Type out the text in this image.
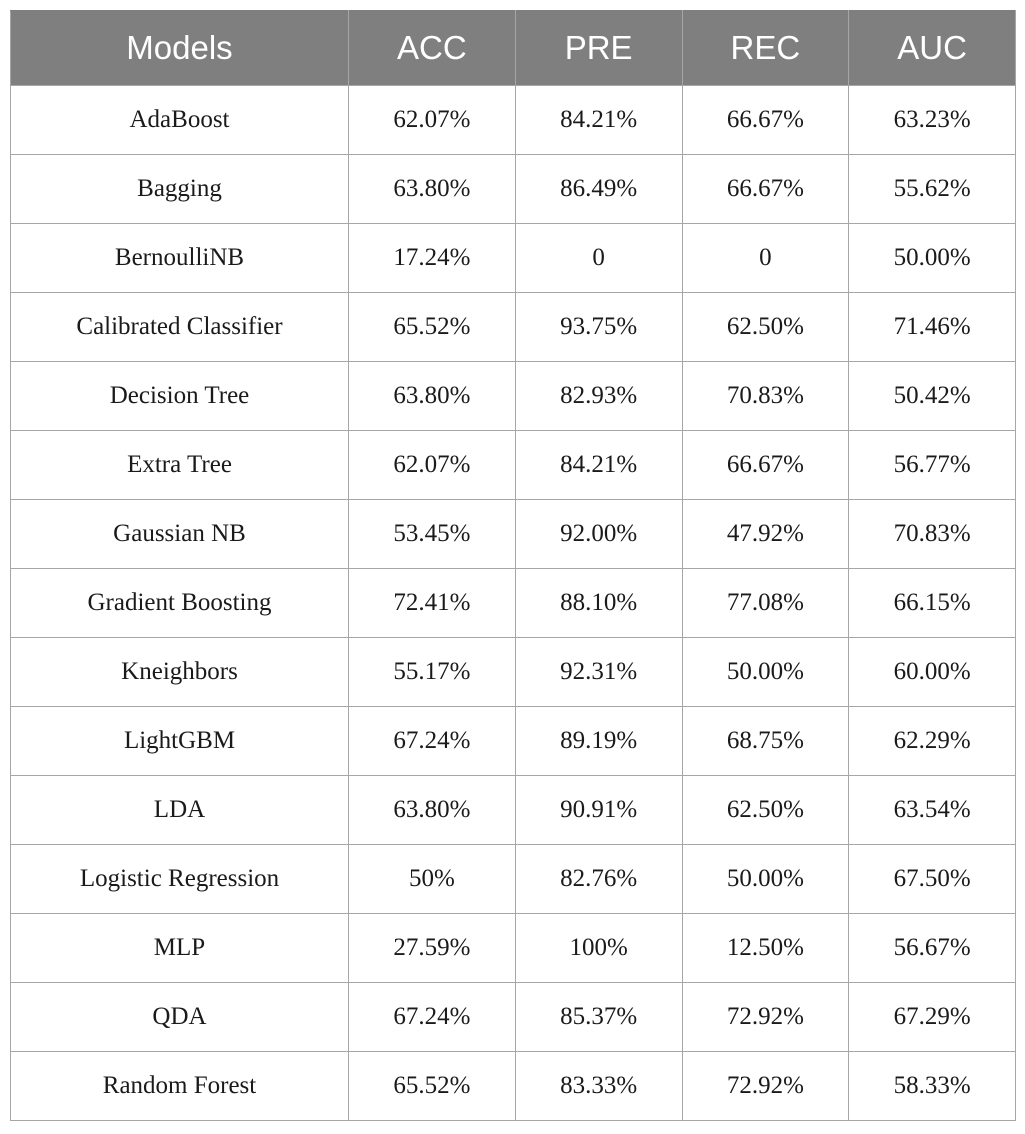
Models	ACC	PRE	REC	AUC
AdaBoost	62.07%	84.21%	66.67%	63.23%
Bagging	63.80%	86.49%	66.67%	55.62%
BernoulliNB	17.24%	0	0	50.00%
Calibrated Classifier	65.52%	93.75%	62.50%	71.46%
Decision Tree	63.80%	82.93%	70.83%	50.42%
Extra Tree	62.07%	84.21%	66.67%	56.77%
Gaussian NB	53.45%	92.00%	47.92%	70.83%
Gradient Boosting	72.41%	88.10%	77.08%	66.15%
Kneighbors	55.17%	92.31%	50.00%	60.00%
LightGBM	67.24%	89.19%	68.75%	62.29%
LDA	63.80%	90.91%	62.50%	63.54%
Logistic Regression	50%	82.76%	50.00%	67.50%
MLP	27.59%	100%	12.50%	56.67%
QDA	67.24%	85.37%	72.92%	67.29%
Random Forest	65.52%	83.33%	72.92%	58.33%
